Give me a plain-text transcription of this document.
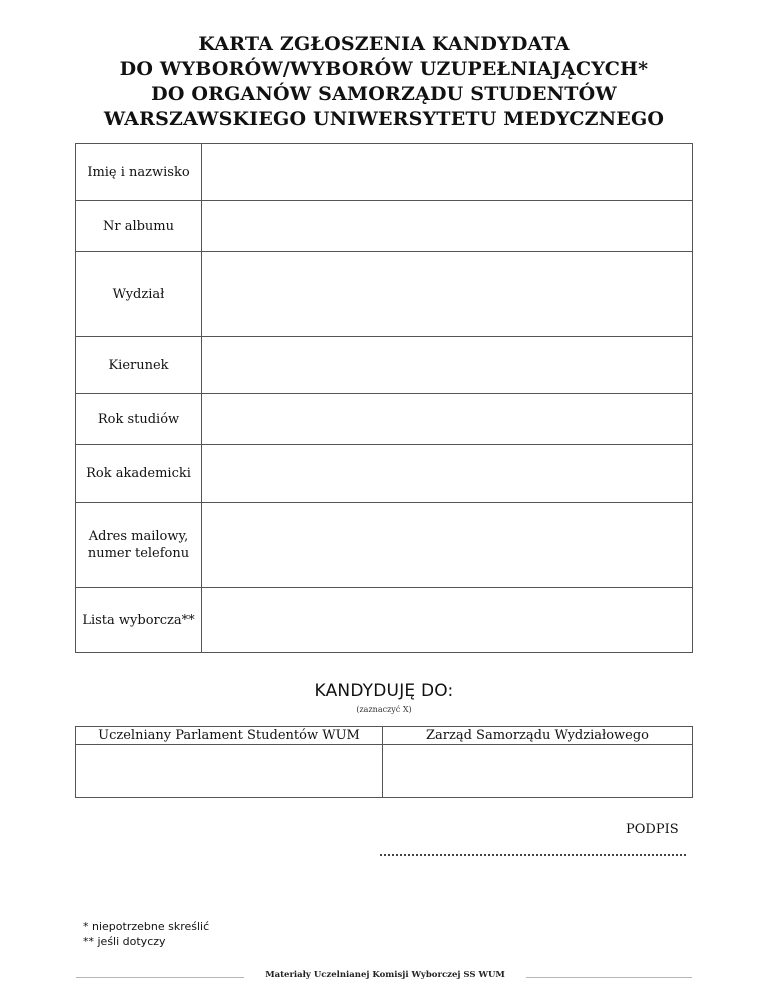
KARTA ZGŁOSZENIA KANDYDATA
DO WYBORÓW/WYBORÓW UZUPEŁNIAJĄCYCH*
DO ORGANÓW SAMORZĄDU STUDENTÓW
WARSZAWSKIEGO UNIWERSYTETU MEDYCZNEGO
Imię i nazwisko	
Nr albumu	
Wydział	
Kierunek	
Rok studiów	
Rok akademicki	
Adres mailowy,
numer telefonu	
Lista wyborcza**	
KANDYDUJĘ DO:
(zaznaczyć X)
Uczelniany Parlament Studentów WUM	Zarząd Samorządu Wydziałowego

PODPIS
* niepotrzebne skreślić
** jeśli dotyczy
Materiały Uczelnianej Komisji Wyborczej SS WUM
